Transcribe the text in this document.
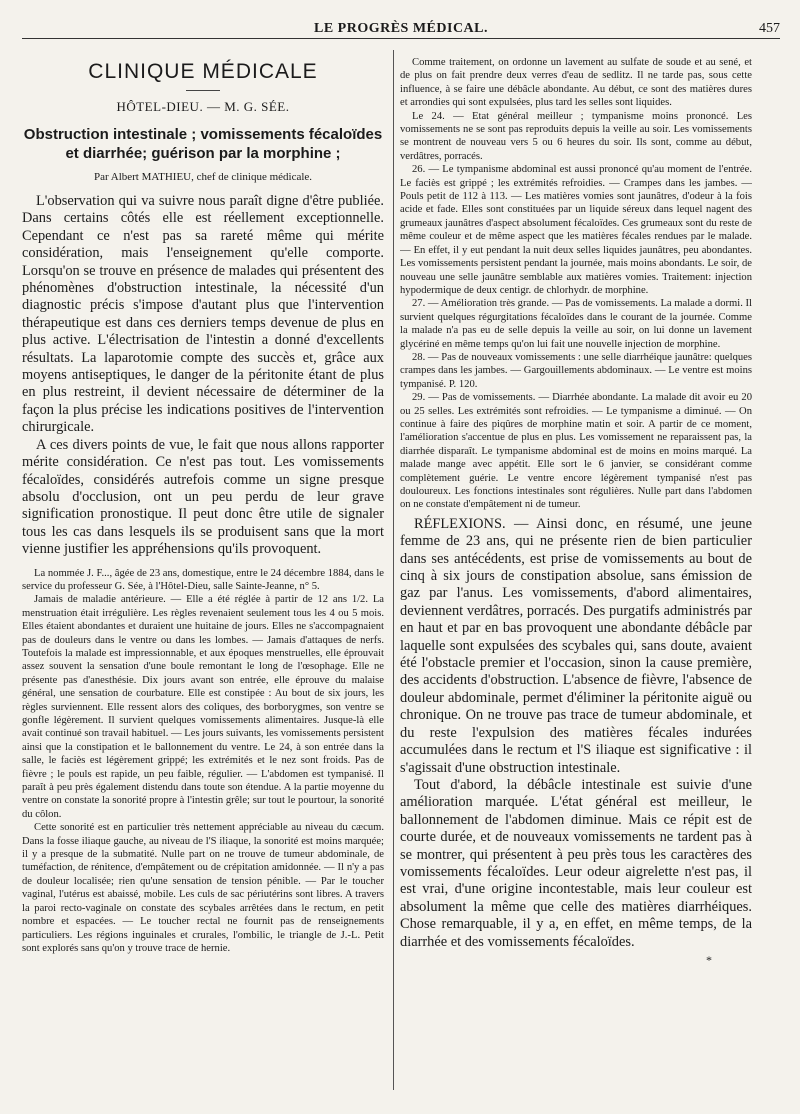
LE PROGRÈS MÉDICAL.	457
CLINIQUE MÉDICALE
HÔTEL-DIEU. — M. G. SÉE.
Obstruction intestinale ; vomissements fécaloïdes et diarrhée; guérison par la morphine ;
Par Albert MATHIEU, chef de clinique médicale.

L'observation qui va suivre nous paraît digne d'être publiée. Dans certains côtés elle est réellement exceptionnelle. Cependant ce n'est pas sa rareté même qui mérite considération, mais l'enseignement qu'elle comporte. Lorsqu'on se trouve en présence de malades qui présentent des phénomènes d'obstruction intestinale, la nécessité d'un diagnostic précis s'impose d'autant plus que l'intervention thérapeutique est dans ces derniers temps devenue de plus en plus active. L'électrisation de l'intestin a donné d'excellents résultats. La laparotomie compte des succès et, grâce aux moyens antiseptiques, le danger de la péritonite étant de plus en plus restreint, il devient nécessaire de déterminer de la façon la plus précise les indications positives de l'intervention chirurgicale.

A ces divers points de vue, le fait que nous allons rapporter mérite considération. Ce n'est pas tout. Les vomissements fécaloïdes, considérés autrefois comme un signe presque absolu d'occlusion, ont un peu perdu de leur grave signification pronostique. Il peut donc être utile de signaler tous les cas dans lesquels ils se produisent sans que la mort vienne justifier les appréhensions qu'ils provoquent.

La nommée J. F..., âgée de 23 ans, domestique, entre le 24 décembre 1884, dans le service du professeur G. Sée, à l'Hôtel-Dieu, salle Sainte-Jeanne, n° 5.

Jamais de maladie antérieure. — Elle a été réglée à partir de 12 ans 1/2. La menstruation était irrégulière. Les règles revenaient seulement tous les 4 ou 5 mois. Elles étaient abondantes et duraient une huitaine de jours. Elles ne s'accompagnaient pas de douleurs dans le ventre ou dans les lombes. — Jamais d'attaques de nerfs. Toutefois la malade est impressionnable, et aux époques menstruelles, elle éprouvait assez souvent la sensation d'une boule remontant le long de l'œsophage. Elle ne présente pas d'anesthésie. Dix jours avant son entrée, elle éprouve du malaise général, une sensation de courbature. Elle est constipée : Au bout de six jours, les règles surviennent. Elle ressent alors des coliques, des borborygmes, son ventre se gonfle légèrement. Il survient quelques vomissements alimentaires. Jusque-là elle avait continué son travail habituel. — Les jours suivants, les vomissements persistent ainsi que la constipation et le ballonnement du ventre. Le 24, à son entrée dans la salle, le faciès est légèrement grippé; les extrémités et le nez sont froids. Pas de fièvre ; le pouls est rapide, un peu faible, régulier. — L'abdomen est tympanisé. Il paraît à peu près également distendu dans toute son étendue. A la partie moyenne du ventre on constate la sonorité propre à l'intestin grêle; sur tout le pourtour, la sonorité du côlon.

Cette sonorité est en particulier très nettement appréciable au niveau du cæcum. Dans la fosse iliaque gauche, au niveau de l'S iliaque, la sonorité est moins marquée; il y a presque de la submatité. Nulle part on ne trouve de tumeur abdominale, de tuméfaction, de rénitence, d'empâtement ou de crépitation amidonnée. — Il n'y a pas de douleur localisée; rien qu'une sensation de tension pénible. — Par le toucher vaginal, l'utérus est abaissé, mobile. Les culs de sac périutérins sont libres. A travers la paroi recto-vaginale on constate des scybales arrêtées dans le rectum, en petit nombre et espacées. — Le toucher rectal ne fournit pas de renseignements particuliers. Les régions inguinales et crurales, l'ombilic, le triangle de J.-L. Petit sont explorés sans qu'on y trouve trace de hernie.

Comme traitement, on ordonne un lavement au sulfate de soude et au sené, et de plus on fait prendre deux verres d'eau de sedlitz. Il ne tarde pas, sous cette influence, à se faire une débâcle abondante. Au début, ce sont des matières dures et arrondies qui sont expulsées, plus tard les selles sont liquides.

Le 24. — Etat général meilleur ; tympanisme moins prononcé. Les vomissements ne se sont pas reproduits depuis la veille au soir. Les vomissements se montrent de nouveau vers 5 ou 6 heures du soir. Ils sont, comme au début, verdâtres, porracés.

26. — Le tympanisme abdominal est aussi prononcé qu'au moment de l'entrée. Le faciès est grippé ; les extrémités refroidies. — Crampes dans les jambes. — Pouls petit de 112 à 113. — Les matières vomies sont jaunâtres, d'odeur à la fois acide et fade. Elles sont constituées par un liquide séreux dans lequel nagent des grumeaux jaunâtres d'aspect absolument fécaloïdes. Ces grumeaux sont du reste de même couleur et de même aspect que les matières fécales rendues par le malade. — En effet, il y eut pendant la nuit deux selles liquides jaunâtres, peu abondantes. Les vomissements persistent pendant la journée, mais moins abondants. Le soir, de nouveau une selle jaunâtre semblable aux matières vomies. Traitement: injection hypodermique de deux centigr. de chlorhydr. de morphine.

27. — Amélioration très grande. — Pas de vomissements. La malade a dormi. Il survient quelques régurgitations fécaloïdes dans le courant de la journée. Comme la malade n'a pas eu de selle depuis la veille au soir, on lui donne un lavement glycériné en même temps qu'on lui fait une nouvelle injection de morphine.

28. — Pas de nouveaux vomissements : une selle diarrhéique jaunâtre: quelques crampes dans les jambes. — Gargouillements abdominaux. — Le ventre est moins tympanisé. P. 120.

29. — Pas de vomissements. — Diarrhée abondante. La malade dit avoir eu 20 ou 25 selles. Les extrémités sont refroidies. — Le tympanisme a diminué. — On continue à faire des piqûres de morphine matin et soir. A partir de ce moment, l'amélioration s'accentue de plus en plus. Les vomissement ne reparaissent pas, la diarrhée disparaît. Le tympanisme abdominal est de moins en moins marqué. La malade mange avec appétit. Elle sort le 6 janvier, se considérant comme complètement guérie. Le ventre encore légèrement tympanisé n'est pas douloureux. Les fonctions intestinales sont régulières. Nulle part dans l'abdomen on ne constate d'empâtement ni de tumeur.

RÉFLEXIONS. — Ainsi donc, en résumé, une jeune femme de 23 ans, qui ne présente rien de bien particulier dans ses antécédents, est prise de vomissements au bout de cinq à six jours de constipation absolue, sans émission de gaz par l'anus. Les vomissements, d'abord alimentaires, deviennent verdâtres, porracés. Des purgatifs administrés par en haut et par en bas provoquent une abondante débâcle par laquelle sont expulsées des scybales qui, sans doute, avaient été l'obstacle premier et l'occasion, sinon la cause première, des accidents d'obstruction. L'absence de fièvre, l'absence de douleur abdominale, permet d'éliminer la péritonite aiguë ou chronique. On ne trouve pas trace de tumeur abdominale, et du reste l'expulsion des matières fécales indurées accumulées dans le rectum et l'S iliaque est significative : il s'agissait d'une obstruction intestinale.

Tout d'abord, la débâcle intestinale est suivie d'une amélioration marquée. L'état général est meilleur, le ballonnement de l'abdomen diminue. Mais ce répit est de courte durée, et de nouveaux vomissements ne tardent pas à se montrer, qui présentent à peu près tous les caractères des vomissements fécaloïdes. Leur odeur aigrelette n'est pas, il est vrai, d'une origine incontestable, mais leur couleur est absolument la même que celle des matières diarrhéiques. Chose remarquable, il y a, en effet, en même temps, de la diarrhée et des vomissements fécaloïdes.

*
